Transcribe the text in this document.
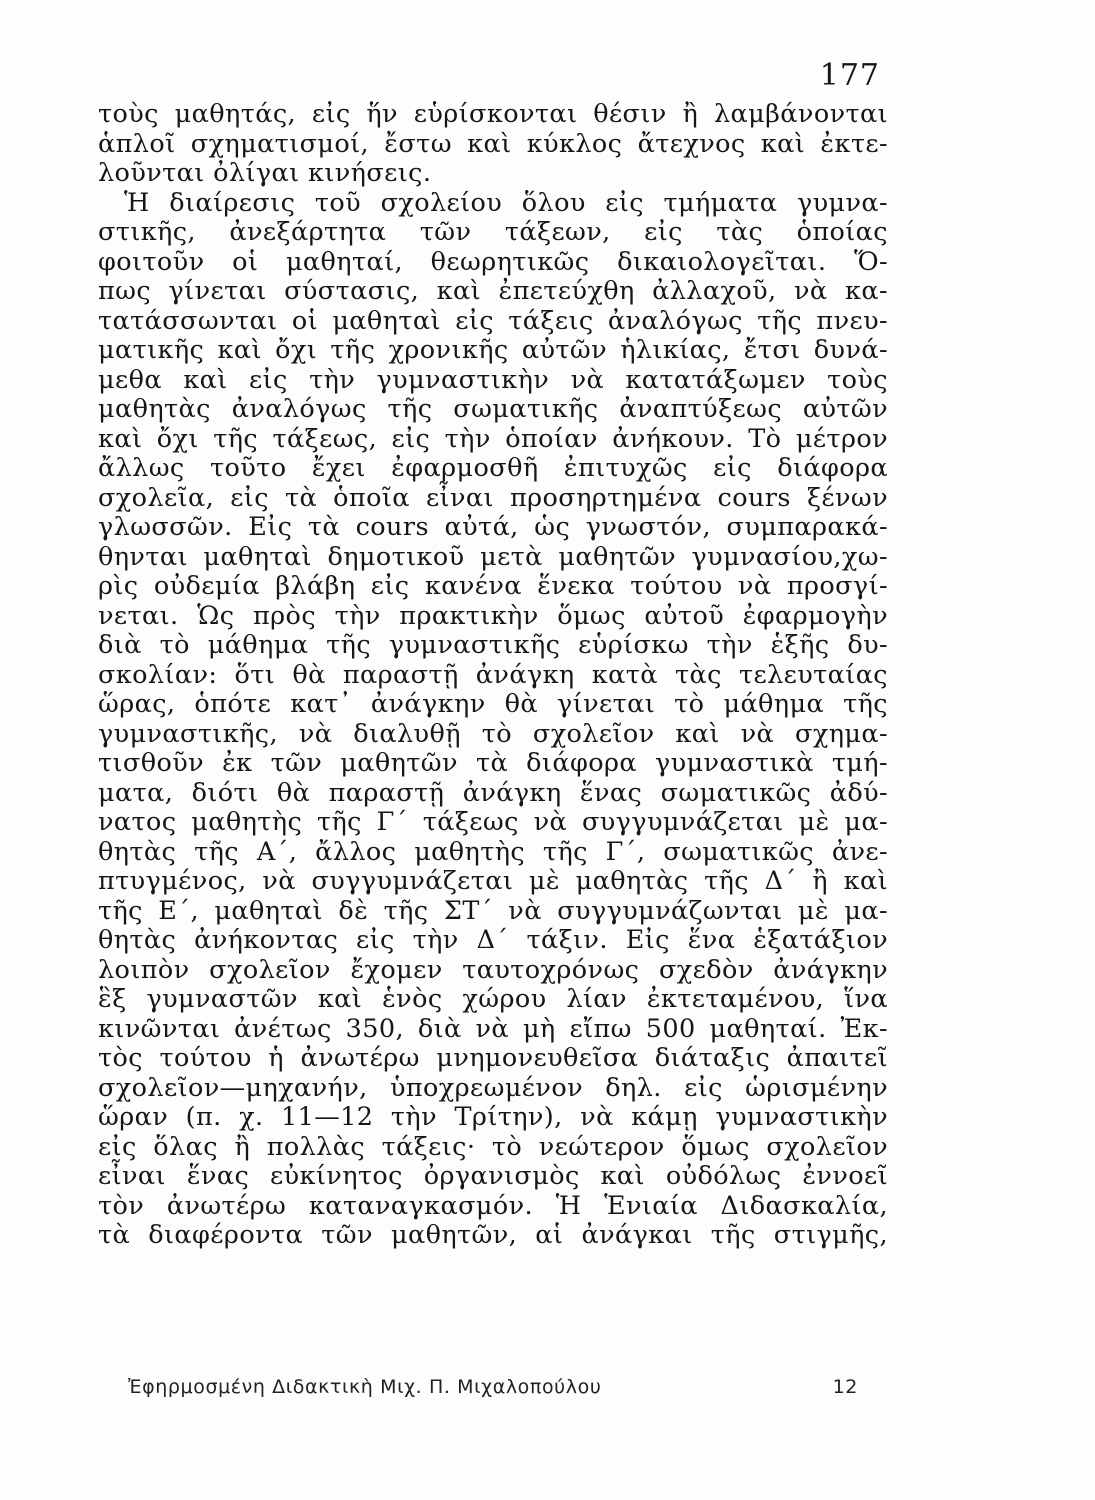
177
τοὺς μαθητάς, εἰς ἥν εὑρίσκονται θέσιν ἢ λαμβάνονται
ἁπλοῖ σχηματισμοί, ἔστω καὶ κύκλος ἄτεχνος καὶ ἐκτε-
λοῦνται ὀλίγαι κινήσεις.
Ἡ διαίρεσις τοῦ σχολείου ὅλου εἰς τμήματα γυμνα-
στικῆς, ἀνεξάρτητα τῶν τάξεων, εἰς τὰς ὁποίας
φοιτοῦν οἱ μαθηταί, θεωρητικῶς δικαιολογεῖται. Ὅ-
πως γίνεται σύστασις, καὶ ἐπετεύχθη ἀλλαχοῦ, νὰ κα-
τατάσσωνται οἱ μαθηταὶ εἰς τάξεις ἀναλόγως τῆς πνευ-
ματικῆς καὶ ὄχι τῆς χρονικῆς αὐτῶν ἡλικίας, ἔτσι δυνά-
μεθα καὶ εἰς τὴν γυμναστικὴν νὰ κατατάξωμεν τοὺς
μαθητὰς ἀναλόγως τῆς σωματικῆς ἀναπτύξεως αὐτῶν
καὶ ὄχι τῆς τάξεως, εἰς τὴν ὁποίαν ἀνήκουν. Τὸ μέτρον
ἄλλως τοῦτο ἔχει ἐφαρμοσθῆ ἐπιτυχῶς εἰς διάφορα
σχολεῖα, εἰς τὰ ὁποῖα εἶναι προσηρτημένα cours ξένων
γλωσσῶν. Εἰς τὰ cours αὐτά, ὡς γνωστόν, συμπαρακά-
θηνται μαθηταὶ δημοτικοῦ μετὰ μαθητῶν γυμνασίου,χω-
ρὶς οὐδεμία βλάβη εἰς κανένα ἕνεκα τούτου νὰ προσγί-
νεται. Ὡς πρὸς τὴν πρακτικὴν ὅμως αὐτοῦ ἐφαρμογὴν
διὰ τὸ μάθημα τῆς γυμναστικῆς εὑρίσκω τὴν ἑξῆς δυ-
σκολίαν: ὅτι θὰ παραστῇ ἀνάγκη κατὰ τὰς τελευταίας
ὥρας, ὁπότε κατ᾿ ἀνάγκην θὰ γίνεται τὸ μάθημα τῆς
γυμναστικῆς, νὰ διαλυθῇ τὸ σχολεῖον καὶ νὰ σχημα-
τισθοῦν ἐκ τῶν μαθητῶν τὰ διάφορα γυμναστικὰ τμή-
ματα, διότι θὰ παραστῇ ἀνάγκη ἕνας σωματικῶς ἀδύ-
νατος μαθητὴς τῆς Γ΄ τάξεως νὰ συγγυμνάζεται μὲ μα-
θητὰς τῆς Α΄, ἄλλος μαθητὴς τῆς Γ΄, σωματικῶς ἀνε-
πτυγμένος, νὰ συγγυμνάζεται μὲ μαθητὰς τῆς Δ΄ ἢ καὶ
τῆς Ε΄, μαθηταὶ δὲ τῆς ΣΤ΄ νὰ συγγυμνάζωνται μὲ μα-
θητὰς ἀνήκοντας εἰς τὴν Δ΄ τάξιν. Εἰς ἕνα ἑξατάξιον
λοιπὸν σχολεῖον ἔχομεν ταυτοχρόνως σχεδὸν ἀνάγκην
ἓξ γυμναστῶν καὶ ἑνὸς χώρου λίαν ἐκτεταμένου, ἵνα
κινῶνται ἀνέτως 350, διὰ νὰ μὴ εἴπω 500 μαθηταί. Ἐκ-
τὸς τούτου ἡ ἀνωτέρω μνημονευθεῖσα διάταξις ἀπαιτεῖ
σχολεῖον—μηχανήν, ὑποχρεωμένον δηλ. εἰς ὡρισμένην
ὥραν (π. χ. 11—12 τὴν Τρίτην), νὰ κάμῃ γυμναστικὴν
εἰς ὅλας ἢ πολλὰς τάξεις· τὸ νεώτερον ὅμως σχολεῖον
εἶναι ἕνας εὐκίνητος ὀργανισμὸς καὶ οὐδόλως ἐννοεῖ
τὸν ἀνωτέρω καταναγκασμόν. Ἡ Ἑνιαία Διδασκαλία,
τὰ διαφέροντα τῶν μαθητῶν, αἱ ἀνάγκαι τῆς στιγμῆς,
Ἐφηρμοσμένη Διδακτικὴ Μιχ. Π. Μιχαλοπούλου	12
